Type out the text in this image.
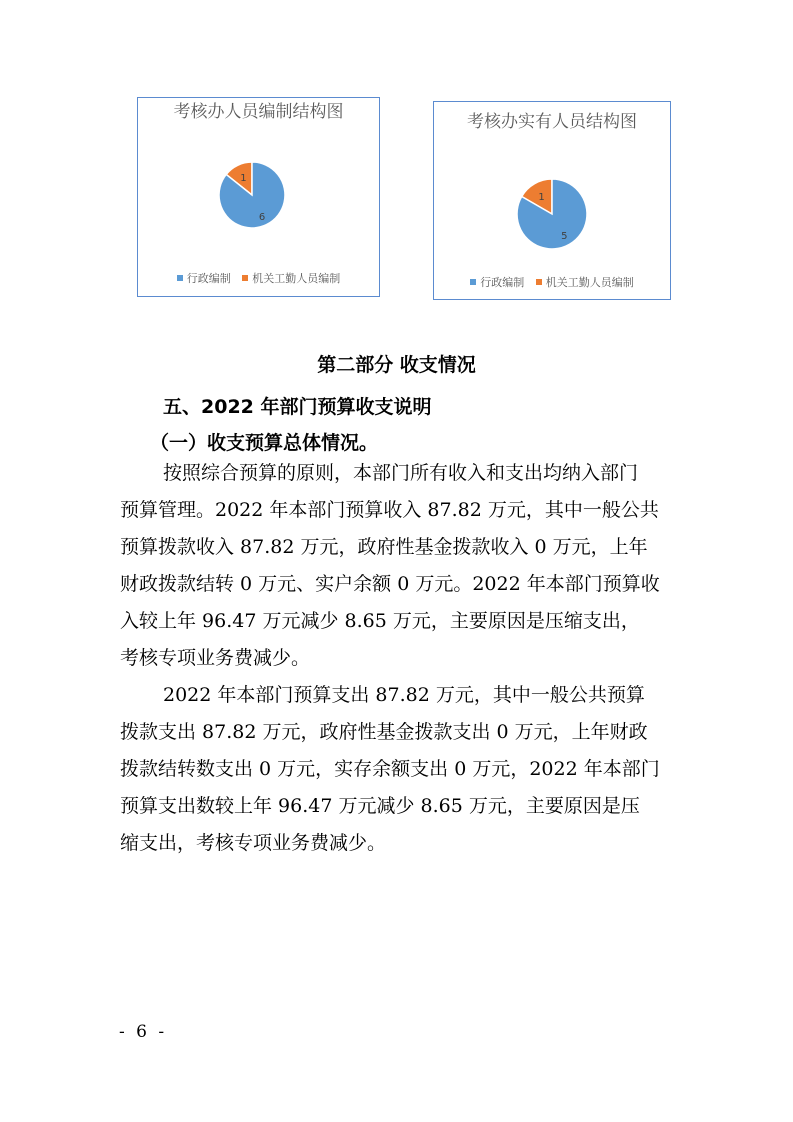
考核办人员编制结构图
1
6
行政编制 机关工勤人员编制
考核办实有人员结构图
1
5
行政编制 机关工勤人员编制
第二部分 收支情况
五、2022 年部门预算收支说明
（一）收支预算总体情况。
按照综合预算的原则，本部门所有收入和支出均纳入部门
预算管理。2022 年本部门预算收入 87.82 万元，其中一般公共
预算拨款收入 87.82 万元，政府性基金拨款收入 0 万元，上年
财政拨款结转 0 万元、实户余额 0 万元。2022 年本部门预算收
入较上年 96.47 万元减少 8.65 万元，主要原因是压缩支出，
考核专项业务费减少。
2022 年本部门预算支出 87.82 万元，其中一般公共预算
拨款支出 87.82 万元，政府性基金拨款支出 0 万元，上年财政
拨款结转数支出 0 万元，实存余额支出 0 万元，2022 年本部门
预算支出数较上年 96.47 万元减少 8.65 万元，主要原因是压
缩支出，考核专项业务费减少。
- 6 -
